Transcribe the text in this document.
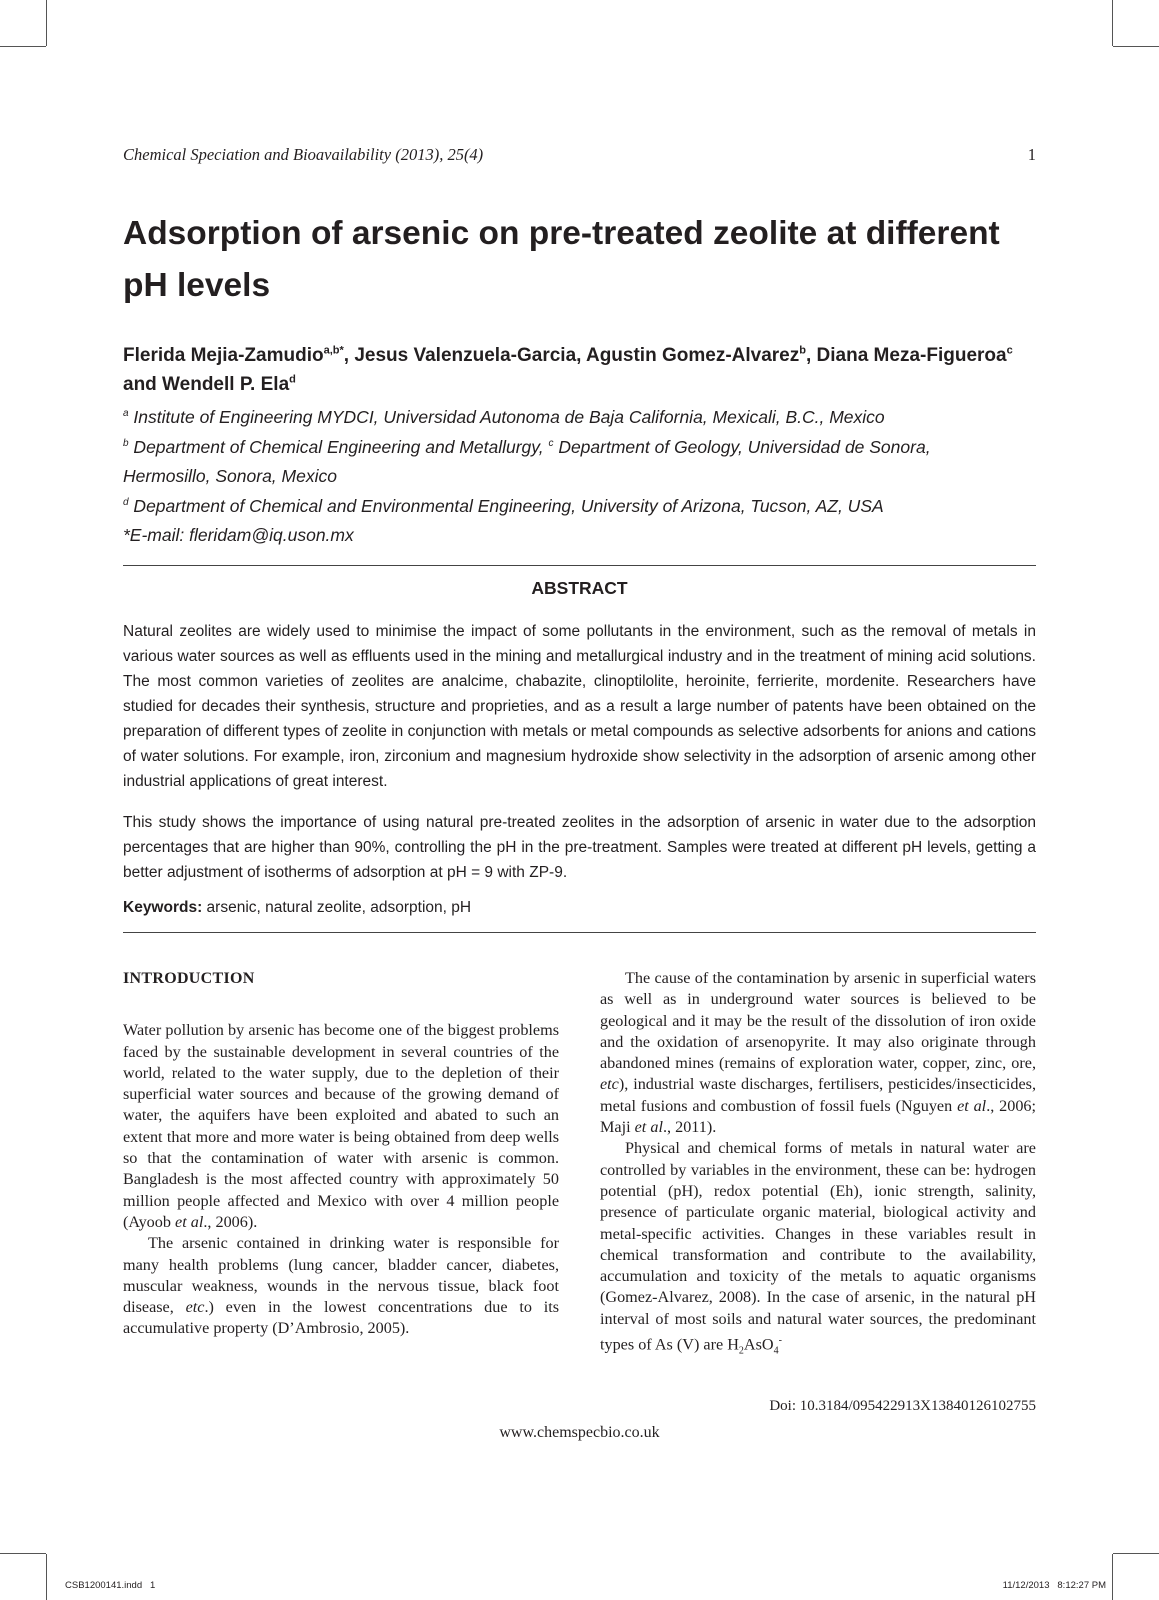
Chemical Speciation and Bioavailability (2013), 25(4)	1
Adsorption of arsenic on pre-treated zeolite at different pH levels
Flerida Mejia-Zamudio$^{a,b*}$, Jesus Valenzuela-Garcia, Agustin Gomez-Alvarez$^b$, Diana Meza-Figueroa$^c$ and Wendell P. Ela$^d$
$^a$ Institute of Engineering MYDCI, Universidad Autonoma de Baja California, Mexicali, B.C., Mexico
$^b$ Department of Chemical Engineering and Metallurgy, $^c$ Department of Geology, Universidad de Sonora,
Hermosillo, Sonora, Mexico
$^d$ Department of Chemical and Environmental Engineering, University of Arizona, Tucson, AZ, USA
*E-mail: fleridam@iq.uson.mx
ABSTRACT

Natural zeolites are widely used to minimise the impact of some pollutants in the environment, such as the removal of metals in various water sources as well as effluents used in the mining and metallurgical industry and in the treatment of mining acid solutions. The most common varieties of zeolites are analcime, chabazite, clinoptilolite, heroinite, ferrierite, mordenite. Researchers have studied for decades their synthesis, structure and proprieties, and as a result a large number of patents have been obtained on the preparation of different types of zeolite in conjunction with metals or metal compounds as selective adsorbents for anions and cations of water solutions. For example, iron, zirconium and magnesium hydroxide show selectivity in the adsorption of arsenic among other industrial applications of great interest.

This study shows the importance of using natural pre-treated zeolites in the adsorption of arsenic in water due to the adsorption percentages that are higher than 90%, controlling the pH in the pre-treatment. Samples were treated at different pH levels, getting a better adjustment of isotherms of adsorption at pH = 9 with ZP-9.

Keywords: arsenic, natural zeolite, adsorption, pH
INTRODUCTION

Water pollution by arsenic has become one of the biggest problems faced by the sustainable development in several countries of the world, related to the water supply, due to the depletion of their superficial water sources and because of the growing demand of water, the aquifers have been exploited and abated to such an extent that more and more water is being obtained from deep wells so that the contamination of water with arsenic is common. Bangladesh is the most affected country with approximately 50 million people affected and Mexico with over 4 million people (Ayoob et al., 2006).

The arsenic contained in drinking water is responsible for many health problems (lung cancer, bladder cancer, diabetes, muscular weakness, wounds in the nervous tissue, black foot disease, etc.) even in the lowest concentrations due to its accumulative property (D’Ambrosio, 2005).

The cause of the contamination by arsenic in superficial waters as well as in underground water sources is believed to be geological and it may be the result of the dissolution of iron oxide and the oxidation of arsenopyrite. It may also originate through abandoned mines (remains of exploration water, copper, zinc, ore, etc), industrial waste discharges, fertilisers, pesticides/insecticides, metal fusions and combustion of fossil fuels (Nguyen et al., 2006; Maji et al., 2011).

Physical and chemical forms of metals in natural water are controlled by variables in the environment, these can be: hydrogen potential (pH), redox potential (Eh), ionic strength, salinity, presence of particulate organic material, biological activity and metal-specific activities. Changes in these variables result in chemical transformation and contribute to the availability, accumulation and toxicity of the metals to aquatic organisms (Gomez-Alvarez, 2008). In the case of arsenic, in the natural pH interval of most soils and natural water sources, the predominant types of As (V) are $H_2AsO_4^-$

Doi: 10.3184/095422913X13840126102755
www.chemspecbio.co.uk
CSB1200141.indd   1	11/12/2013   8:12:27 PM
